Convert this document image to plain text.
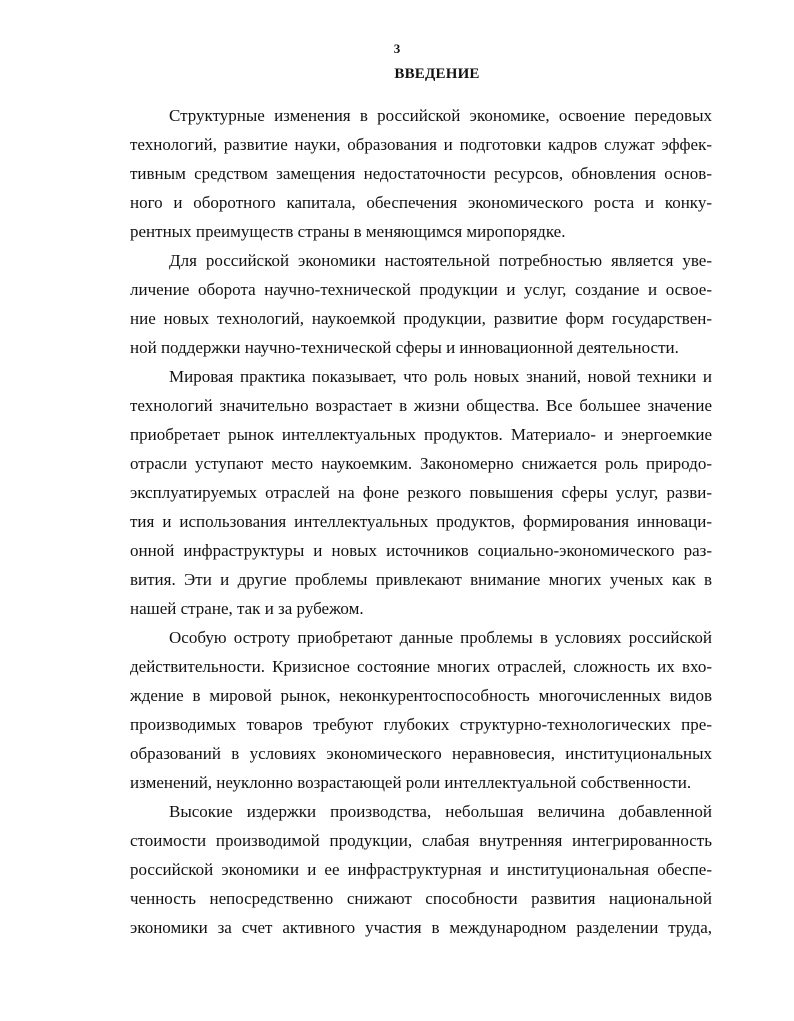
3
ВВЕДЕНИЕ
Структурные изменения в российской экономике, освоение передовых
технологий, развитие науки, образования и подготовки кадров служат эффек-
тивным средством замещения недостаточности ресурсов, обновления основ-
ного и оборотного капитала, обеспечения экономического роста и конку-
рентных преимуществ страны в меняющимся миропорядке.
Для российской экономики настоятельной потребностью является уве-
личение оборота научно-технической продукции и услуг, создание и освое-
ние новых технологий, наукоемкой продукции, развитие форм государствен-
ной поддержки научно-технической сферы и инновационной деятельности.
Мировая практика показывает, что роль новых знаний, новой техники и
технологий значительно возрастает в жизни общества. Все большее значение
приобретает рынок интеллектуальных продуктов. Материало- и энергоемкие
отрасли уступают место наукоемким. Закономерно снижается роль природо-
эксплуатируемых отраслей на фоне резкого повышения сферы услуг, разви-
тия и использования интеллектуальных продуктов, формирования инноваци-
онной инфраструктуры и новых источников социально-экономического раз-
вития. Эти и другие проблемы привлекают внимание многих ученых как в
нашей стране, так и за рубежом.
Особую остроту приобретают данные проблемы в условиях российской
действительности. Кризисное состояние многих отраслей, сложность их вхо-
ждение в мировой рынок, неконкурентоспособность многочисленных видов
производимых товаров требуют глубоких структурно-технологических пре-
образований в условиях экономического неравновесия, институциональных
изменений, неуклонно возрастающей роли интеллектуальной собственности.
Высокие издержки производства, небольшая величина добавленной
стоимости производимой продукции, слабая внутренняя интегрированность
российской экономики и ее инфраструктурная и институциональная обеспе-
ченность непосредственно снижают способности развития национальной
экономики за счет активного участия в международном разделении труда,
